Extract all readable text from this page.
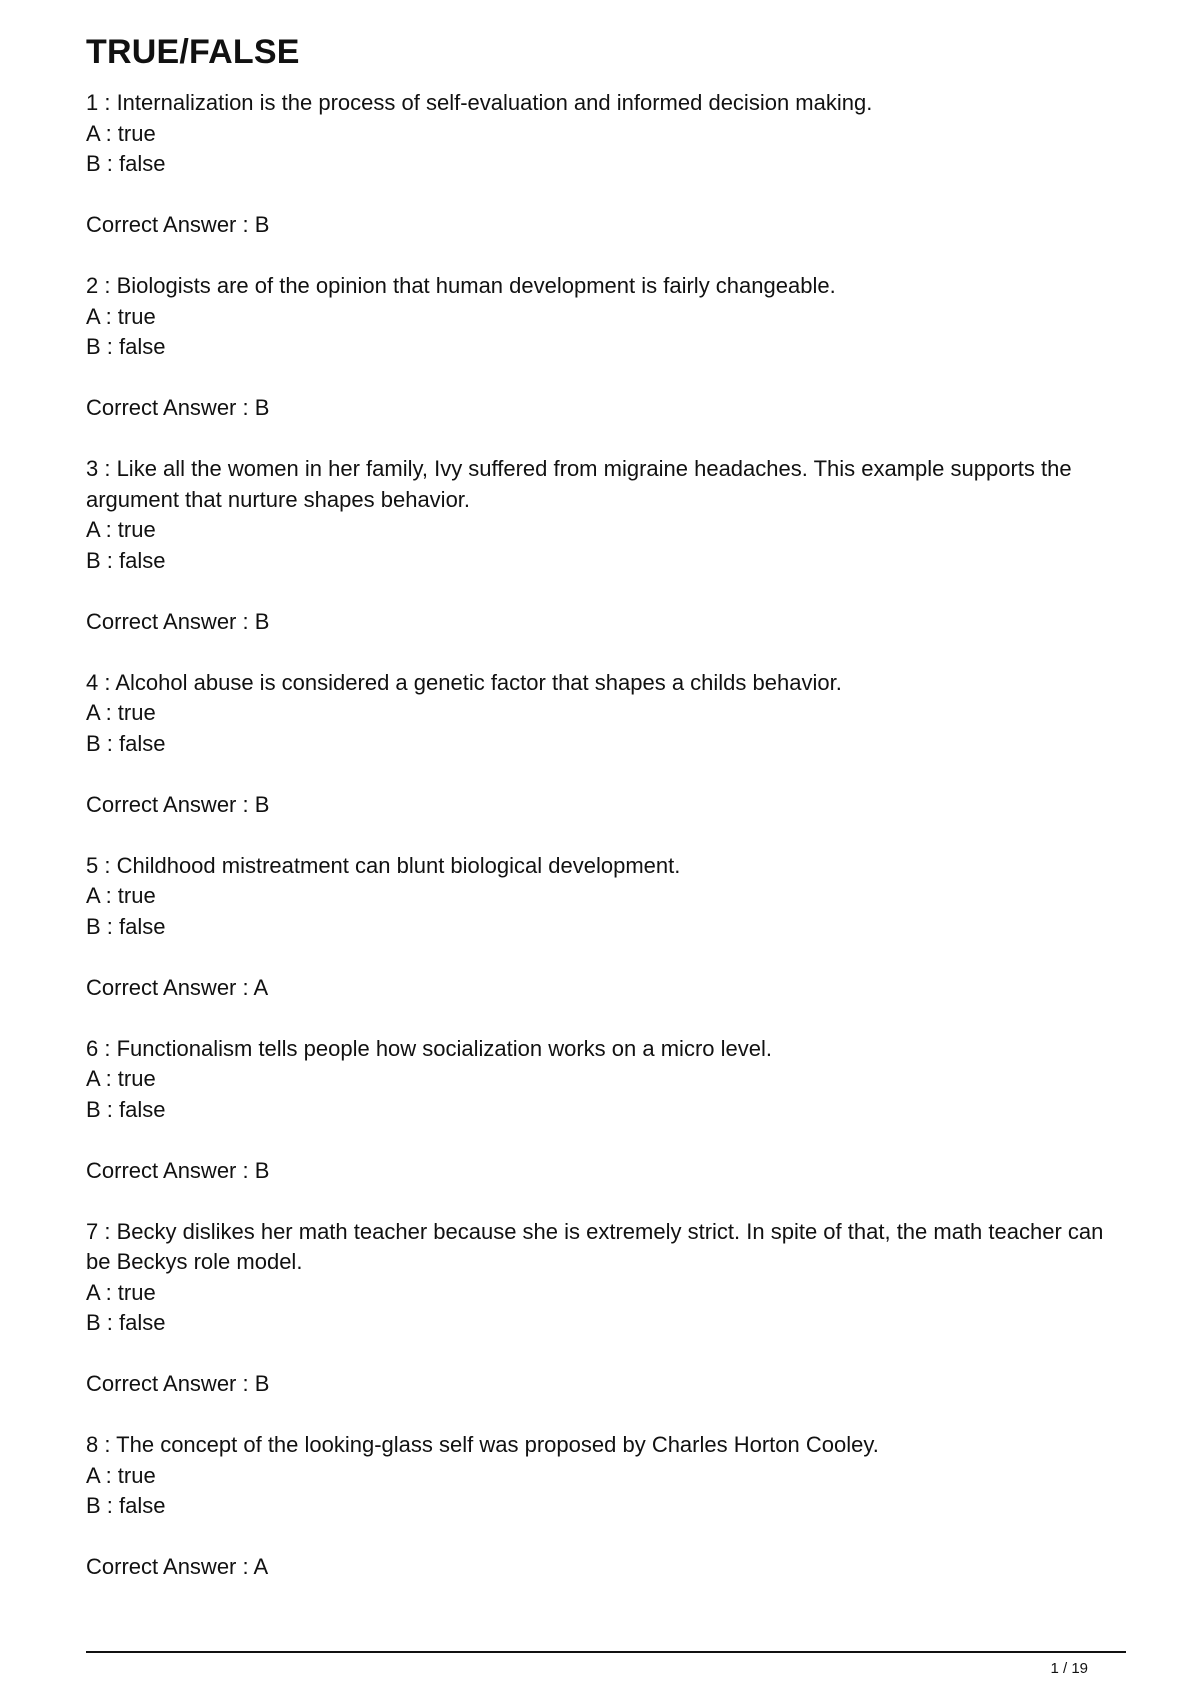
TRUE/FALSE

1 : Internalization is the process of self-evaluation and informed decision making.

A : true

B : false

Correct Answer : B

2 : Biologists are of the opinion that human development is fairly changeable.

A : true

B : false

Correct Answer : B

3 : Like all the women in her family, Ivy suffered from migraine headaches. This example supports the argument that nurture shapes behavior.

A : true

B : false

Correct Answer : B

4 : Alcohol abuse is considered a genetic factor that shapes a childs behavior.

A : true

B : false

Correct Answer : B

5 : Childhood mistreatment can blunt biological development.

A : true

B : false

Correct Answer : A

6 : Functionalism tells people how socialization works on a micro level.

A : true

B : false

Correct Answer : B

7 : Becky dislikes her math teacher because she is extremely strict. In spite of that, the math teacher can be Beckys role model.

A : true

B : false

Correct Answer : B

8 : The concept of the looking-glass self was proposed by Charles Horton Cooley.

A : true

B : false

Correct Answer : A

1 / 19
